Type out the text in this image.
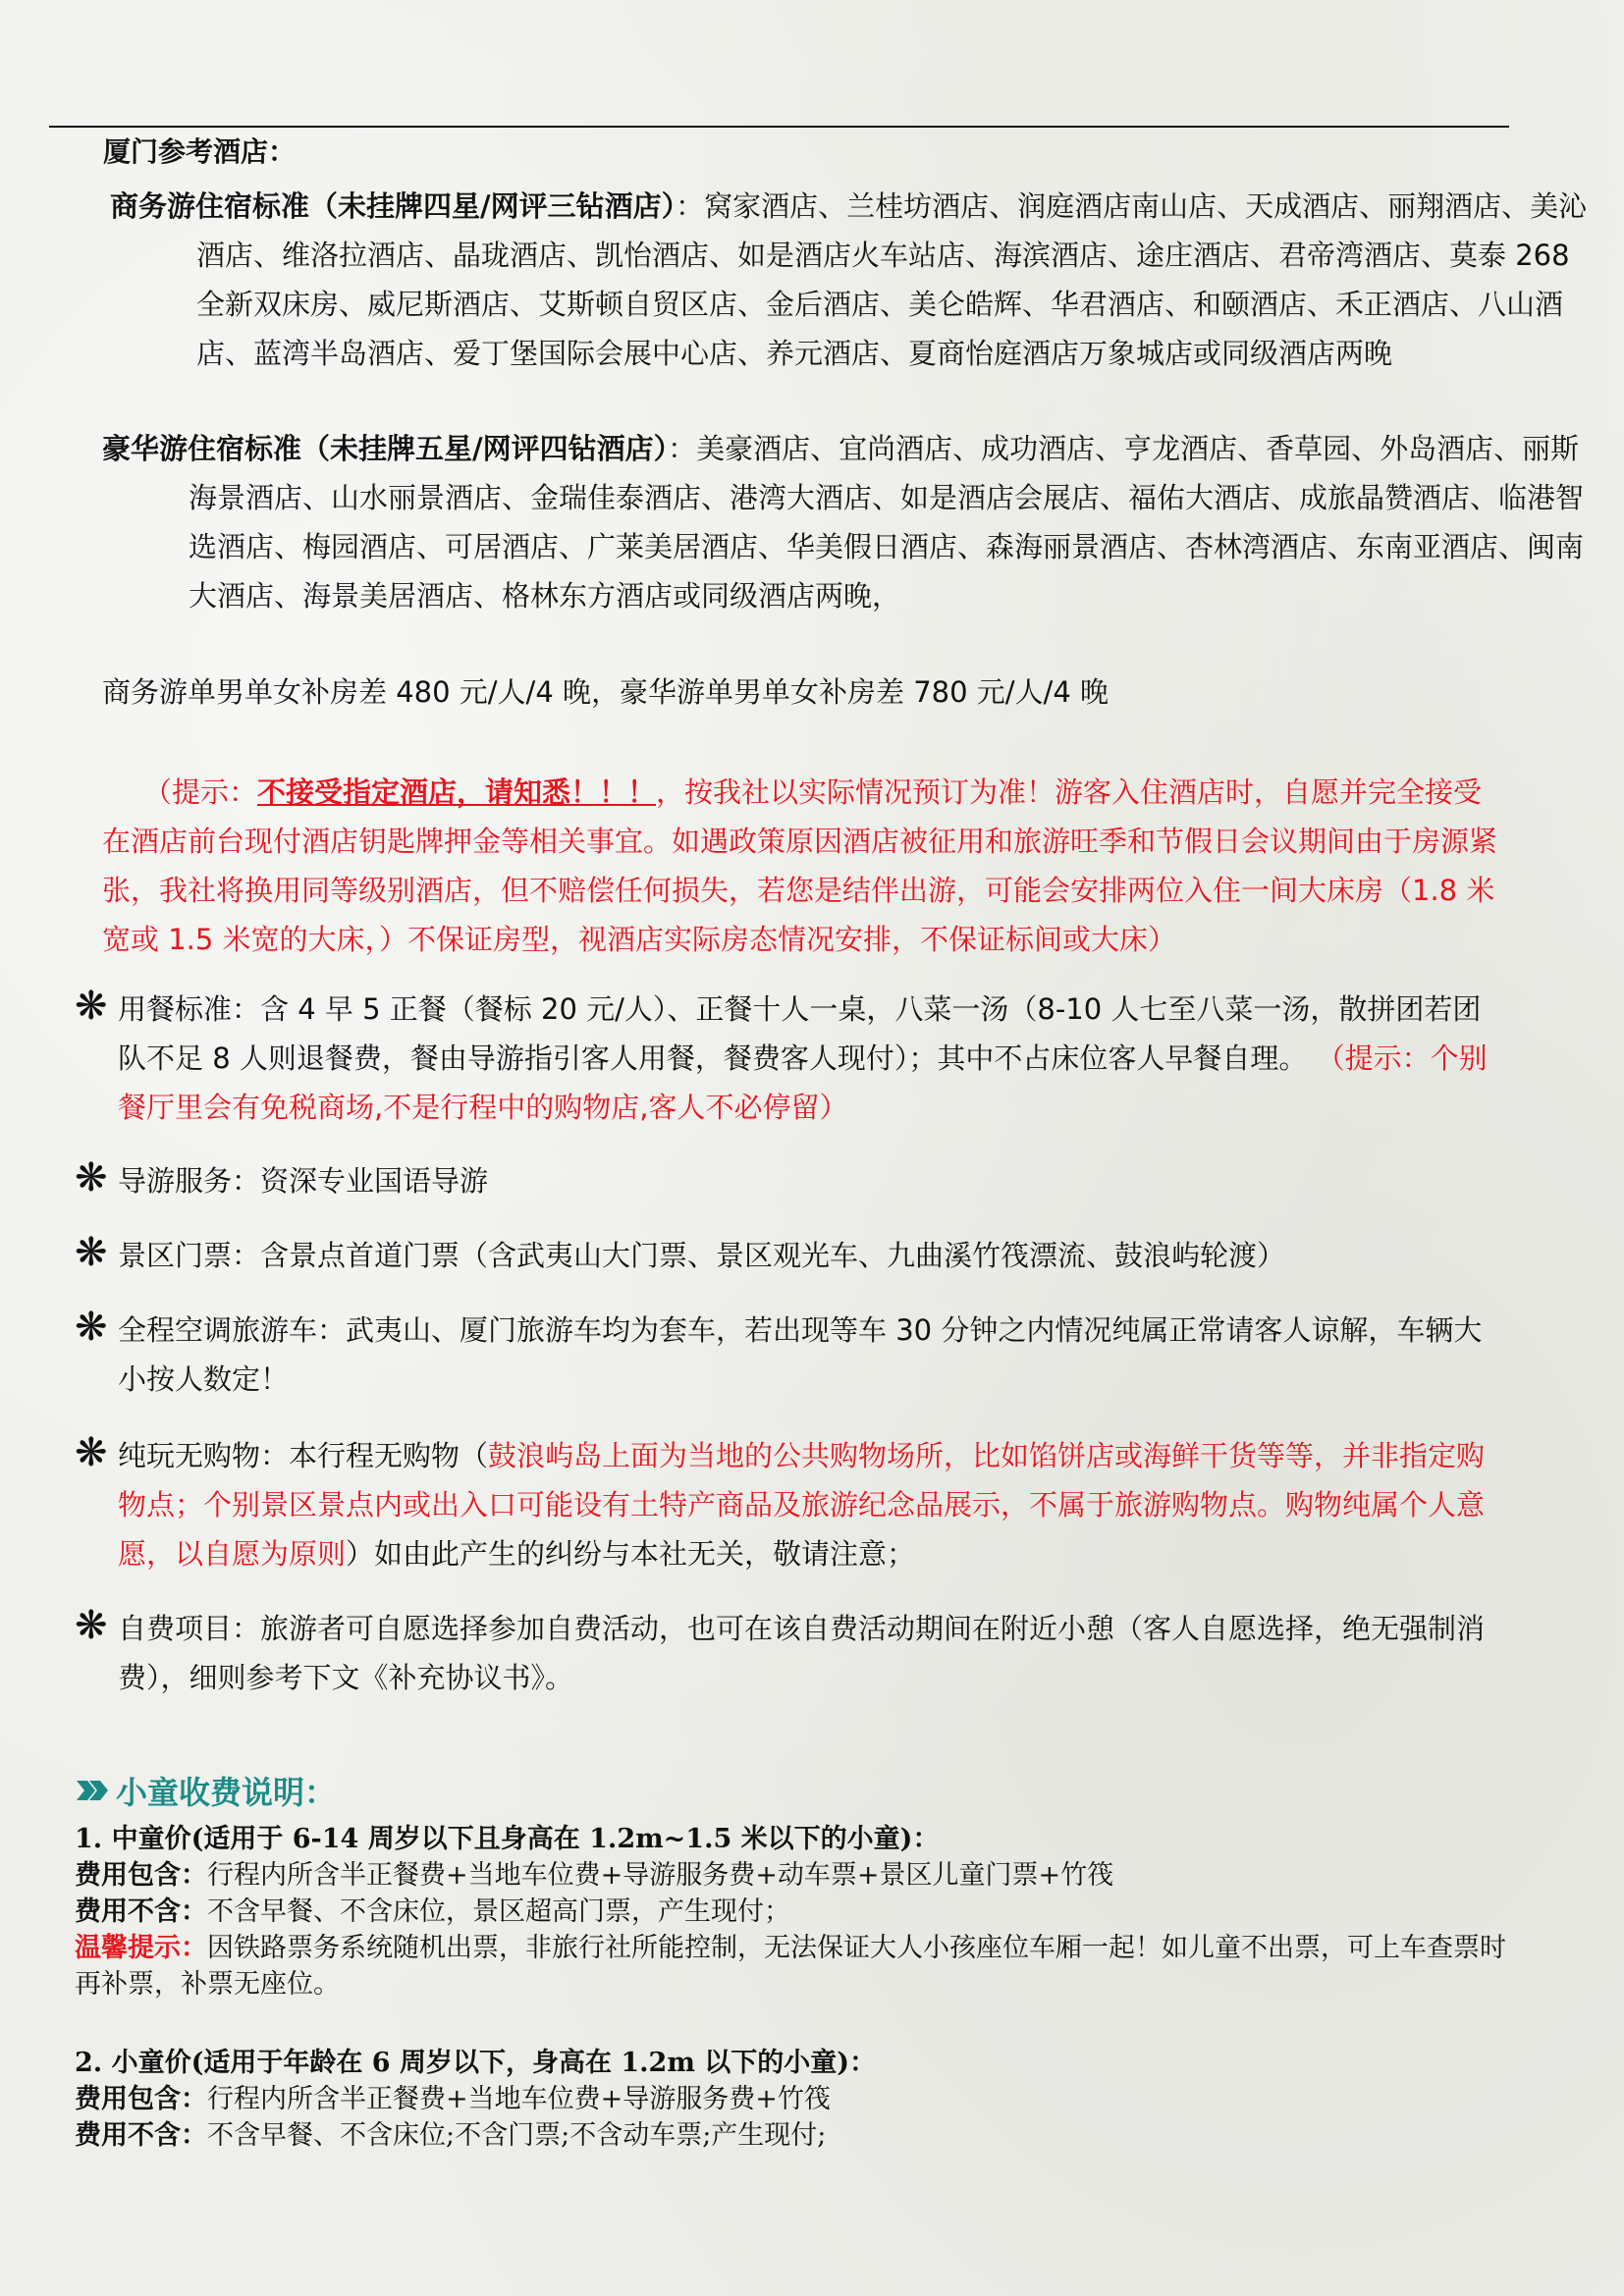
厦门参考酒店：
商务游住宿标准（未挂牌四星/网评三钻酒店）：窝家酒店、兰桂坊酒店、润庭酒店南山店、天成酒店、丽翔酒店、美沁酒店、维洛拉酒店、晶珑酒店、凯怡酒店、如是酒店火车站店、海滨酒店、途庄酒店、君帝湾酒店、莫泰 268 全新双床房、威尼斯酒店、艾斯顿自贸区店、金后酒店、美仑皓辉、华君酒店、和颐酒店、禾正酒店、八山酒店、蓝湾半岛酒店、爱丁堡国际会展中心店、养元酒店、夏商怡庭酒店万象城店或同级酒店两晚
豪华游住宿标准（未挂牌五星/网评四钻酒店）：美豪酒店、宜尚酒店、成功酒店、亨龙酒店、香草园、外岛酒店、丽斯海景酒店、山水丽景酒店、金瑞佳泰酒店、港湾大酒店、如是酒店会展店、福佑大酒店、成旅晶赞酒店、临港智选酒店、梅园酒店、可居酒店、广莱美居酒店、华美假日酒店、森海丽景酒店、杏林湾酒店、东南亚酒店、闽南大酒店、海景美居酒店、格林东方酒店或同级酒店两晚，
商务游单男单女补房差 480 元/人/4 晚，豪华游单男单女补房差 780 元/人/4 晚
（提示：不接受指定酒店，请知悉！！！，按我社以实际情况预订为准！游客入住酒店时，自愿并完全接受在酒店前台现付酒店钥匙牌押金等相关事宜。如遇政策原因酒店被征用和旅游旺季和节假日会议期间由于房源紧张，我社将换用同等级别酒店，但不赔偿任何损失，若您是结伴出游，可能会安排两位入住一间大床房（1.8 米宽或 1.5 米宽的大床，）不保证房型，视酒店实际房态情况安排，不保证标间或大床）
❋ 用餐标准：含 4 早 5 正餐（餐标 20 元/人）、正餐十人一桌，八菜一汤（8-10 人七至八菜一汤，散拼团若团队不足 8 人则退餐费，餐由导游指引客人用餐，餐费客人现付）；其中不占床位客人早餐自理。 （提示：个别餐厅里会有免税商场,不是行程中的购物店,客人不必停留）
❋ 导游服务：资深专业国语导游
❋ 景区门票：含景点首道门票（含武夷山大门票、景区观光车、九曲溪竹筏漂流、鼓浪屿轮渡）
❋ 全程空调旅游车：武夷山、厦门旅游车均为套车，若出现等车 30 分钟之内情况纯属正常请客人谅解，车辆大小按人数定！
❋ 纯玩无购物：本行程无购物（鼓浪屿岛上面为当地的公共购物场所，比如馅饼店或海鲜干货等等，并非指定购物点；个别景区景点内或出入口可能设有土特产商品及旅游纪念品展示，不属于旅游购物点。购物纯属个人意愿，以自愿为原则）如由此产生的纠纷与本社无关，敬请注意；
❋ 自费项目：旅游者可自愿选择参加自费活动，也可在该自费活动期间在附近小憩（客人自愿选择，绝无强制消费），细则参考下文《补充协议书》。
小童收费说明：
1. 中童价(适用于 6-14 周岁以下且身高在 1.2m~1.5 米以下的小童)：
费用包含：行程内所含半正餐费+当地车位费+导游服务费+动车票+景区儿童门票+竹筏
费用不含：不含早餐、不含床位，景区超高门票，产生现付；
温馨提示：因铁路票务系统随机出票，非旅行社所能控制，无法保证大人小孩座位车厢一起！如儿童不出票，可上车查票时再补票，补票无座位。
2. 小童价(适用于年龄在 6 周岁以下，身高在 1.2m 以下的小童)：
费用包含：行程内所含半正餐费+当地车位费+导游服务费+竹筏
费用不含：不含早餐、不含床位;不含门票;不含动车票;产生现付;
